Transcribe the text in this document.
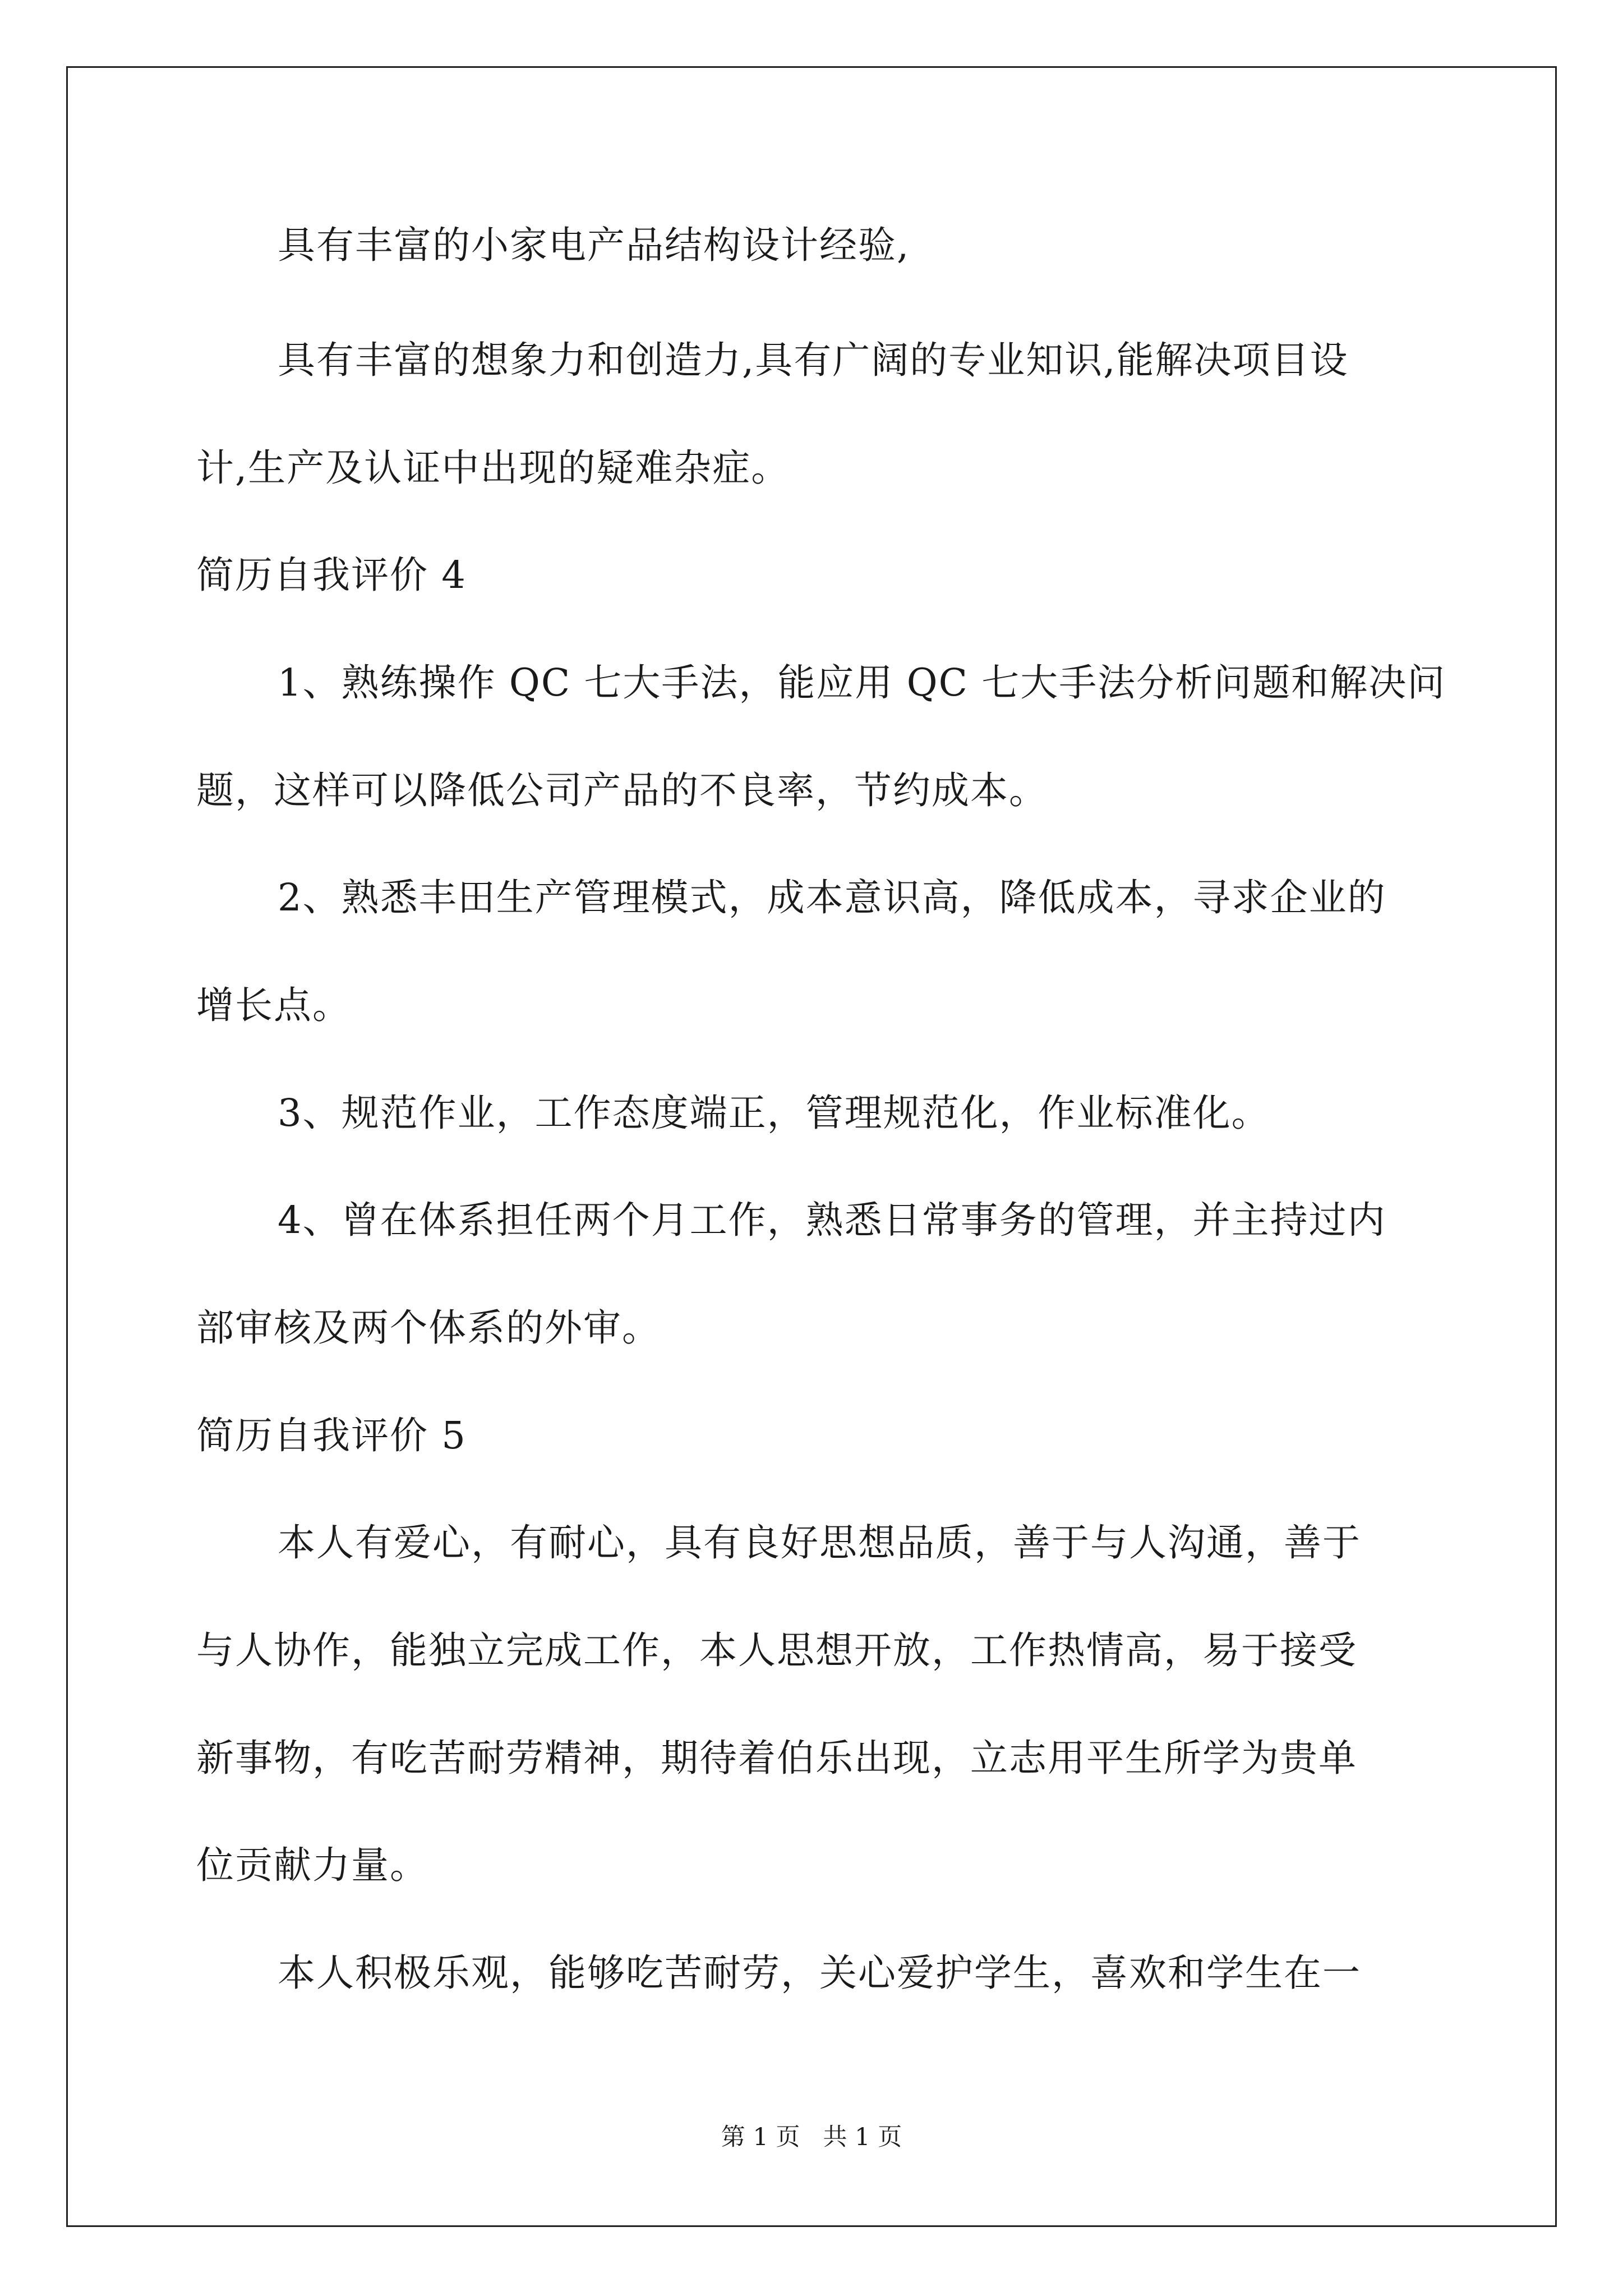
具有丰富的小家电产品结构设计经验,
具有丰富的想象力和创造力,具有广阔的专业知识,能解决项目设
计,生产及认证中出现的疑难杂症。
简历自我评价 4
1、熟练操作 QC 七大手法，能应用 QC 七大手法分析问题和解决问
题，这样可以降低公司产品的不良率，节约成本。
2、熟悉丰田生产管理模式，成本意识高，降低成本，寻求企业的
增长点。
3、规范作业，工作态度端正，管理规范化，作业标准化。
4、曾在体系担任两个月工作，熟悉日常事务的管理，并主持过内
部审核及两个体系的外审。
简历自我评价 5
本人有爱心，有耐心，具有良好思想品质，善于与人沟通，善于
与人协作，能独立完成工作，本人思想开放，工作热情高，易于接受
新事物，有吃苦耐劳精神，期待着伯乐出现，立志用平生所学为贵单
位贡献力量。
本人积极乐观，能够吃苦耐劳，关心爱护学生，喜欢和学生在一
第 1 页   共 1 页
